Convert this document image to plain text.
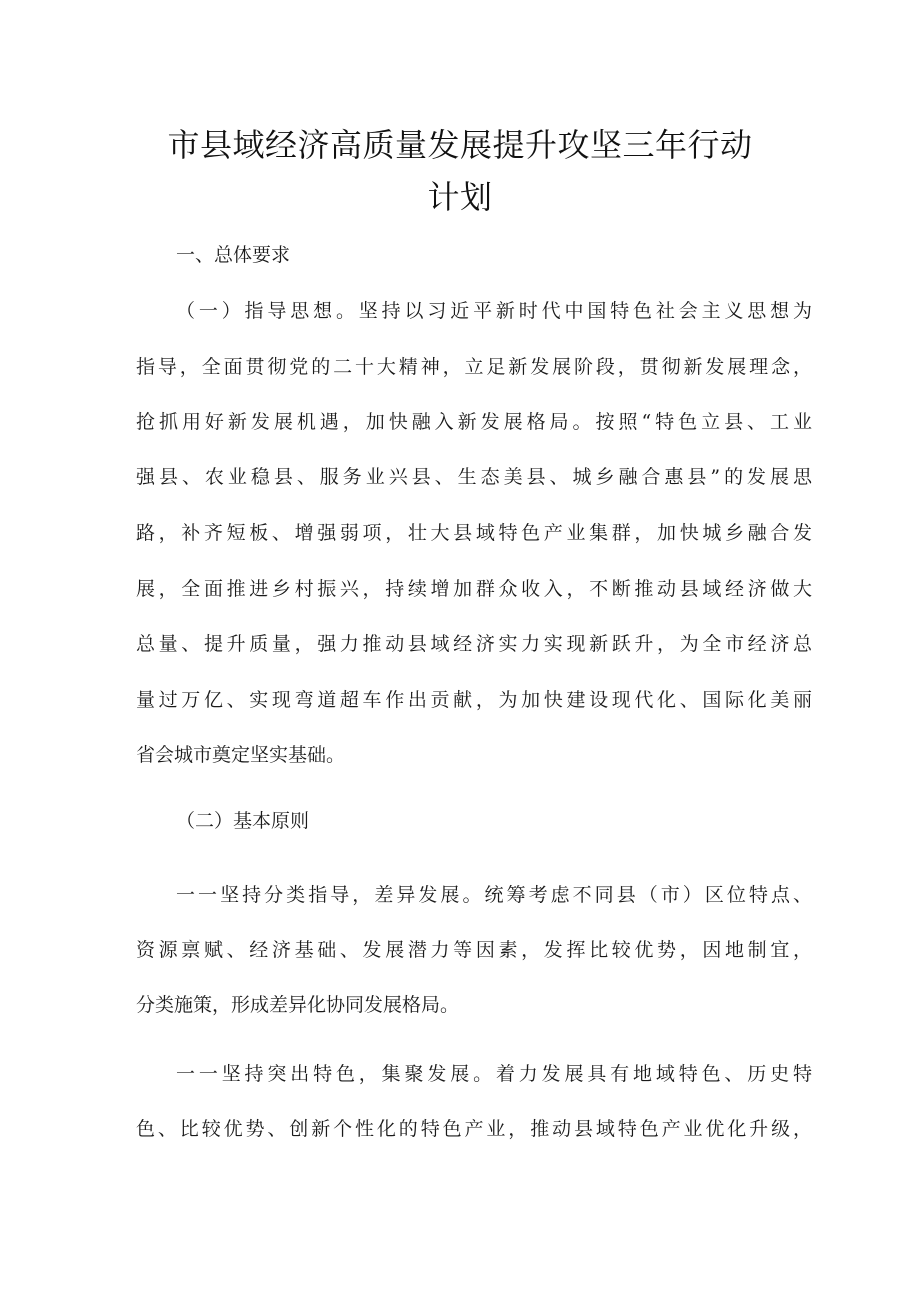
市县域经济高质量发展提升攻坚三年行动
计划
一、总体要求
（一）指导思想。坚持以习近平新时代中国特色社会主义思想为
指导，全面贯彻党的二十大精神，立足新发展阶段，贯彻新发展理念，
抢抓用好新发展机遇，加快融入新发展格局。按照“特色立县、工业
强县、农业稳县、服务业兴县、生态美县、城乡融合惠县”的发展思
路，补齐短板、增强弱项，壮大县域特色产业集群，加快城乡融合发
展，全面推进乡村振兴，持续增加群众收入，不断推动县域经济做大
总量、提升质量，强力推动县域经济实力实现新跃升，为全市经济总
量过万亿、实现弯道超车作出贡献，为加快建设现代化、国际化美丽
省会城市奠定坚实基础。
（二）基本原则
一一坚持分类指导，差异发展。统筹考虑不同县（市）区位特点、
资源禀赋、经济基础、发展潜力等因素，发挥比较优势，因地制宜，
分类施策，形成差异化协同发展格局。
一一坚持突出特色，集聚发展。着力发展具有地域特色、历史特
色、比较优势、创新个性化的特色产业，推动县域特色产业优化升级，
